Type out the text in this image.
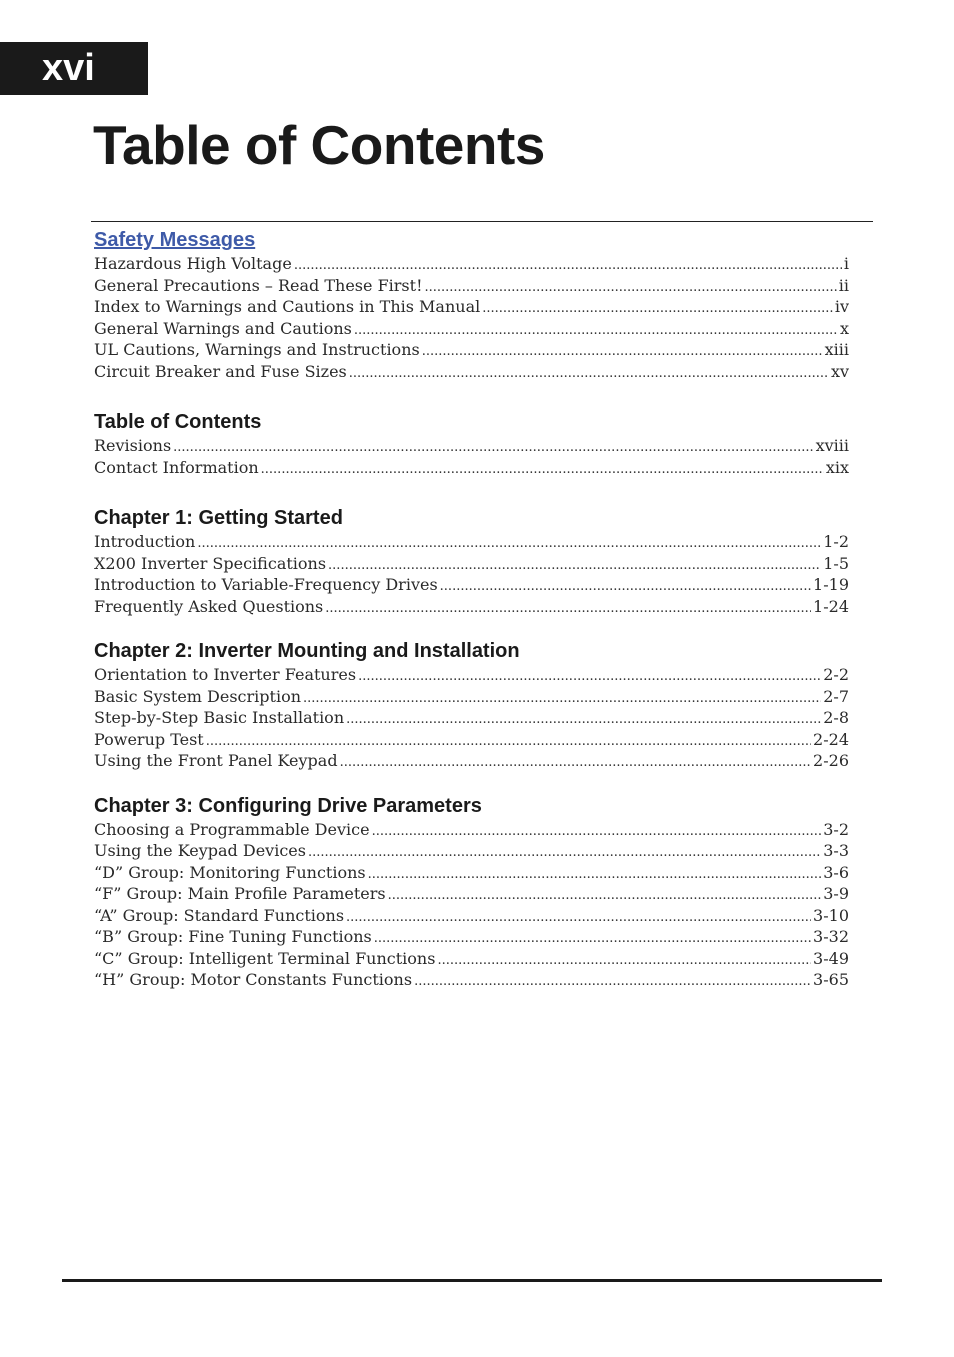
xvi
Table of Contents
Safety Messages
Hazardous High Voltage .....	i
General Precautions – Read These First! .....	ii
Index to Warnings and Cautions in This Manual .....	iv
General Warnings and Cautions .....	x
UL Cautions, Warnings and Instructions .....	xiii
Circuit Breaker and Fuse Sizes .....	xv
Table of Contents
Revisions .....	xviii
Contact Information .....	xix
Chapter 1: Getting Started
Introduction .....	1-2
X200 Inverter Specifications .....	1-5
Introduction to Variable-Frequency Drives .....	1-19
Frequently Asked Questions .....	1-24
Chapter 2: Inverter Mounting and Installation
Orientation to Inverter Features .....	2-2
Basic System Description .....	2-7
Step-by-Step Basic Installation .....	2-8
Powerup Test .....	2-24
Using the Front Panel Keypad .....	2-26
Chapter 3: Configuring Drive Parameters
Choosing a Programmable Device .....	3-2
Using the Keypad Devices .....	3-3
“D” Group: Monitoring Functions .....	3-6
“F” Group: Main Profile Parameters .....	3-9
“A” Group: Standard Functions .....	3-10
“B” Group: Fine Tuning Functions .....	3-32
“C” Group: Intelligent Terminal Functions .....	3-49
“H” Group: Motor Constants Functions .....	3-65
